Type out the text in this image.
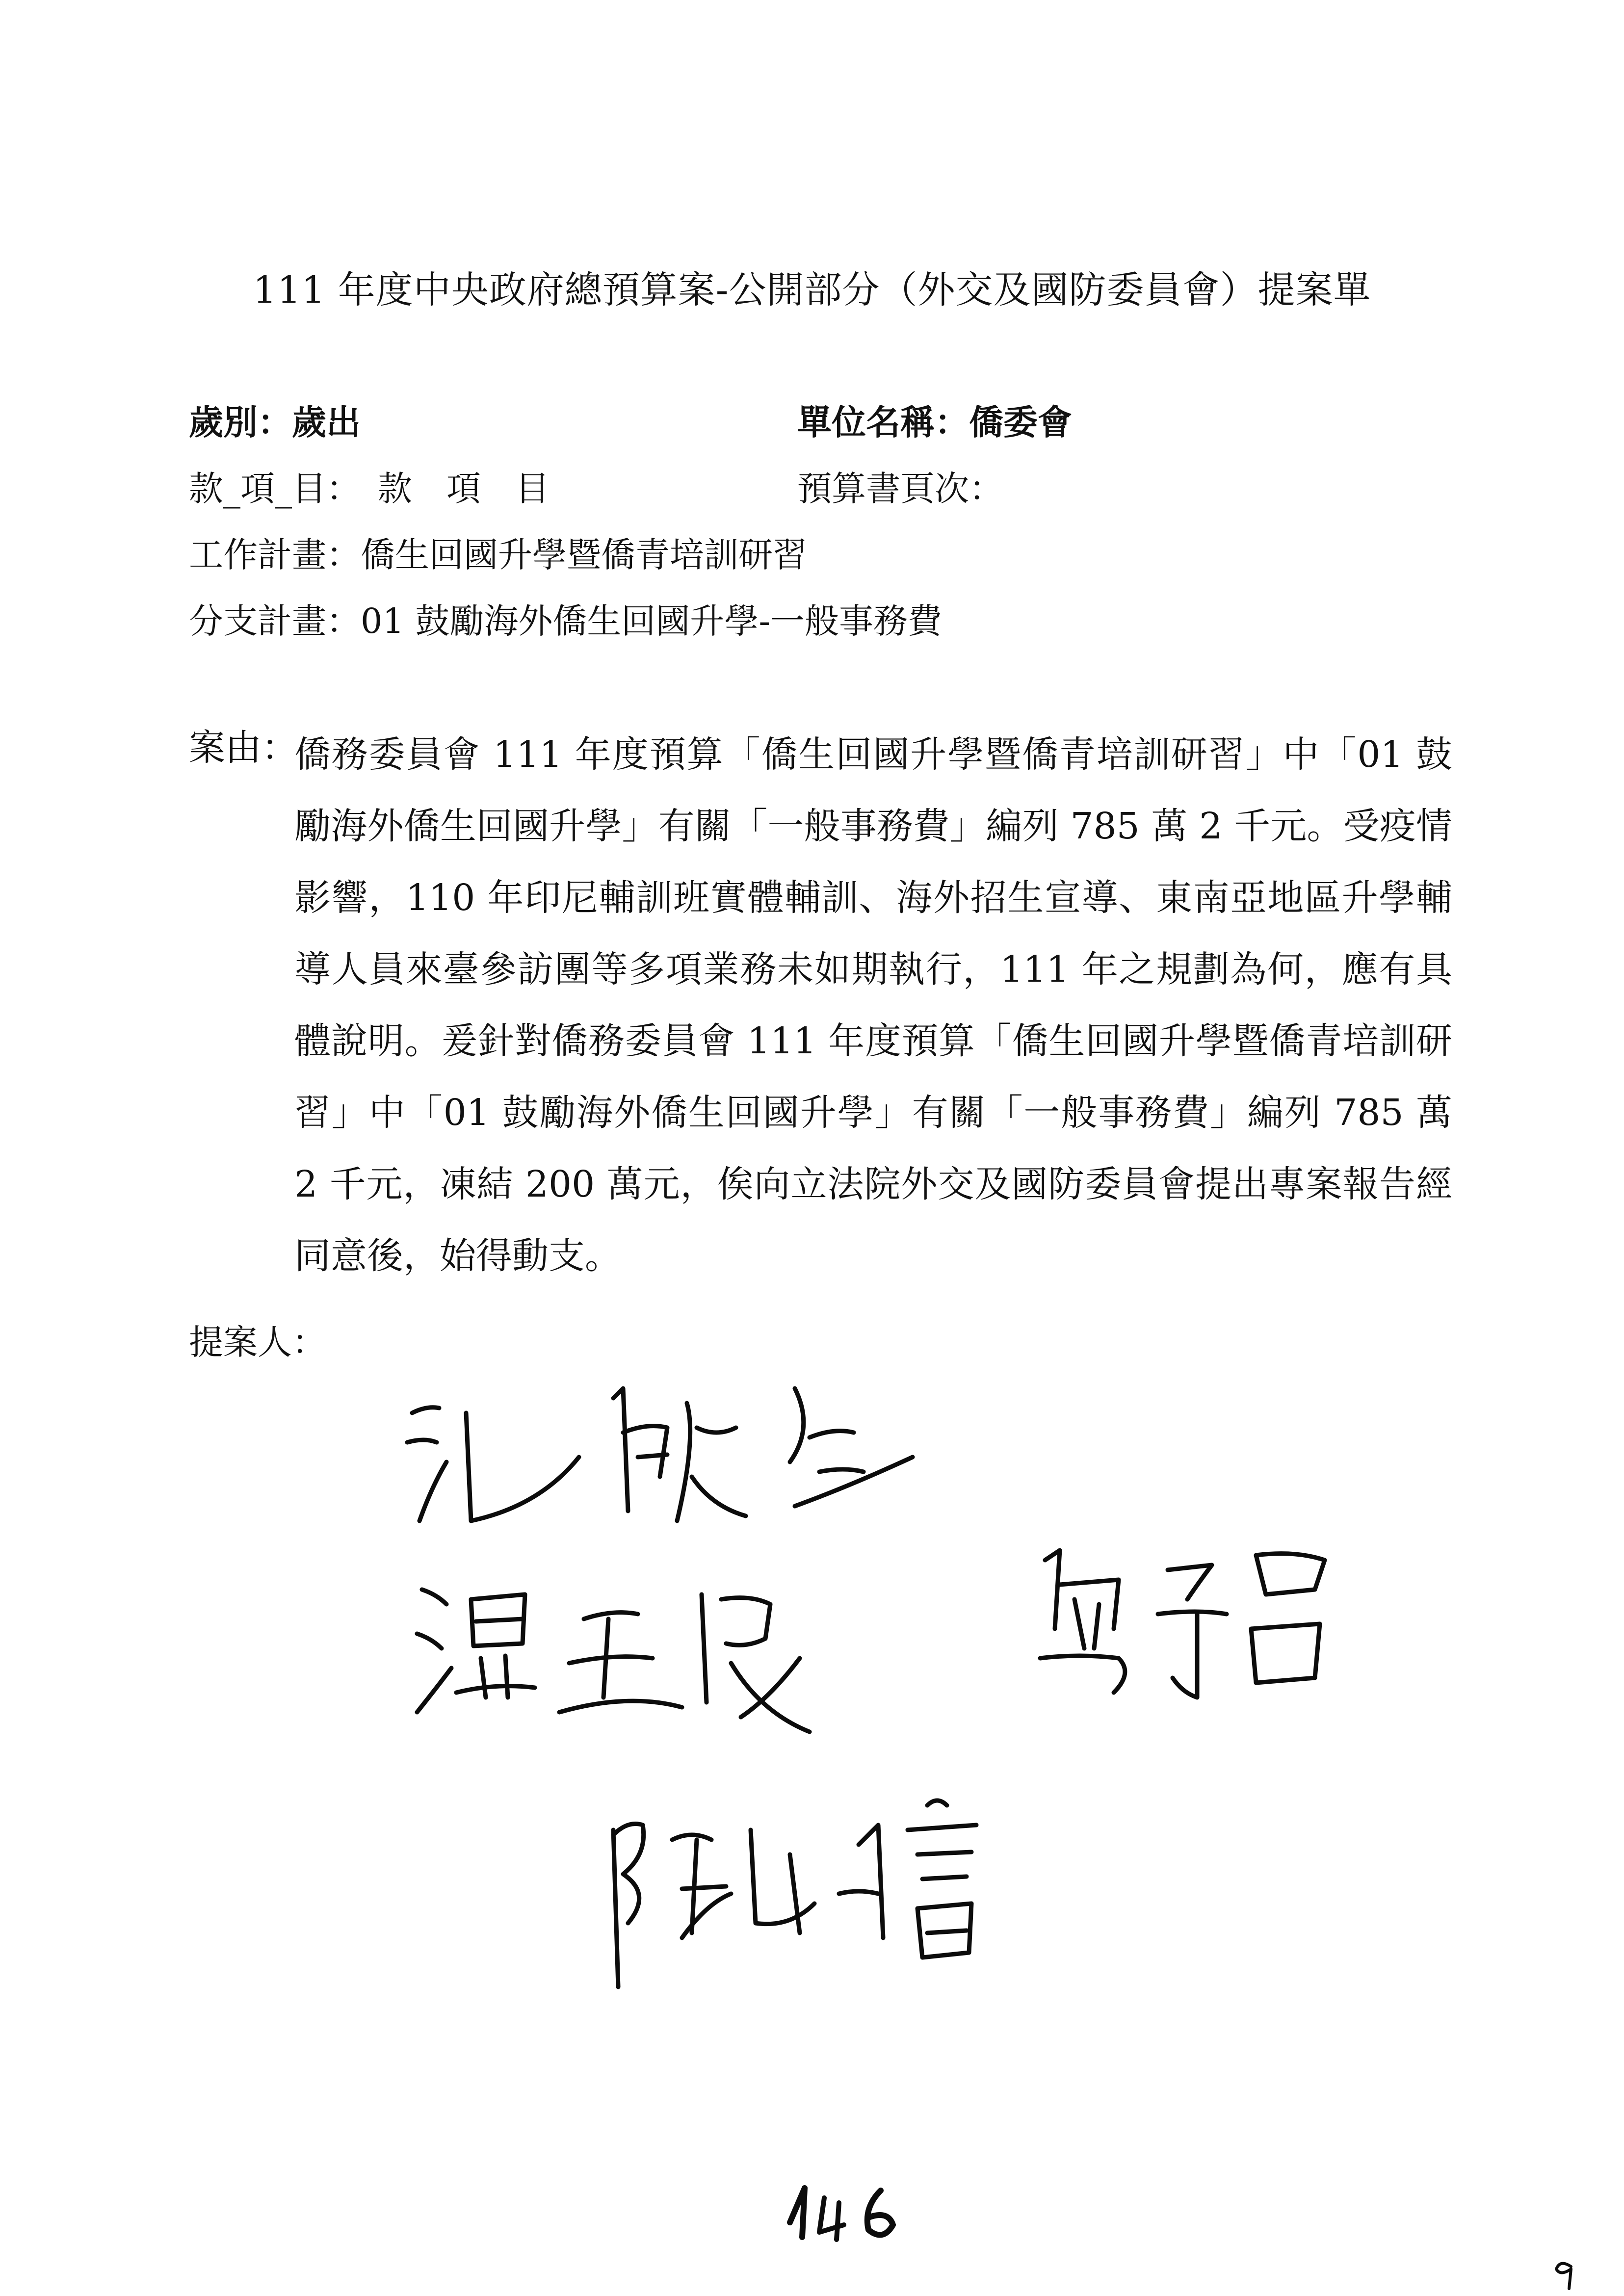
111 年度中央政府總預算案-公開部分（外交及國防委員會）提案單
歲別：歲出	單位名稱：僑委會
款_項_目：　款　項　目	預算書頁次：
工作計畫：僑生回國升學暨僑青培訓研習
分支計畫：01 鼓勵海外僑生回國升學-一般事務費
案由：
僑務委員會 111 年度預算「僑生回國升學暨僑青培訓研習」中「01 鼓勵海外僑生回國升學」有關「一般事務費」編列 785 萬 2 千元。受疫情影響，110 年印尼輔訓班實體輔訓、海外招生宣導、東南亞地區升學輔導人員來臺參訪團等多項業務未如期執行，111 年之規劃為何，應有具體說明。爰針對僑務委員會 111 年度預算「僑生回國升學暨僑青培訓研習」中「01 鼓勵海外僑生回國升學」有關「一般事務費」編列 785 萬 2 千元，凍結 200 萬元，俟向立法院外交及國防委員會提出專案報告經同意後，始得動支。
提案人：
